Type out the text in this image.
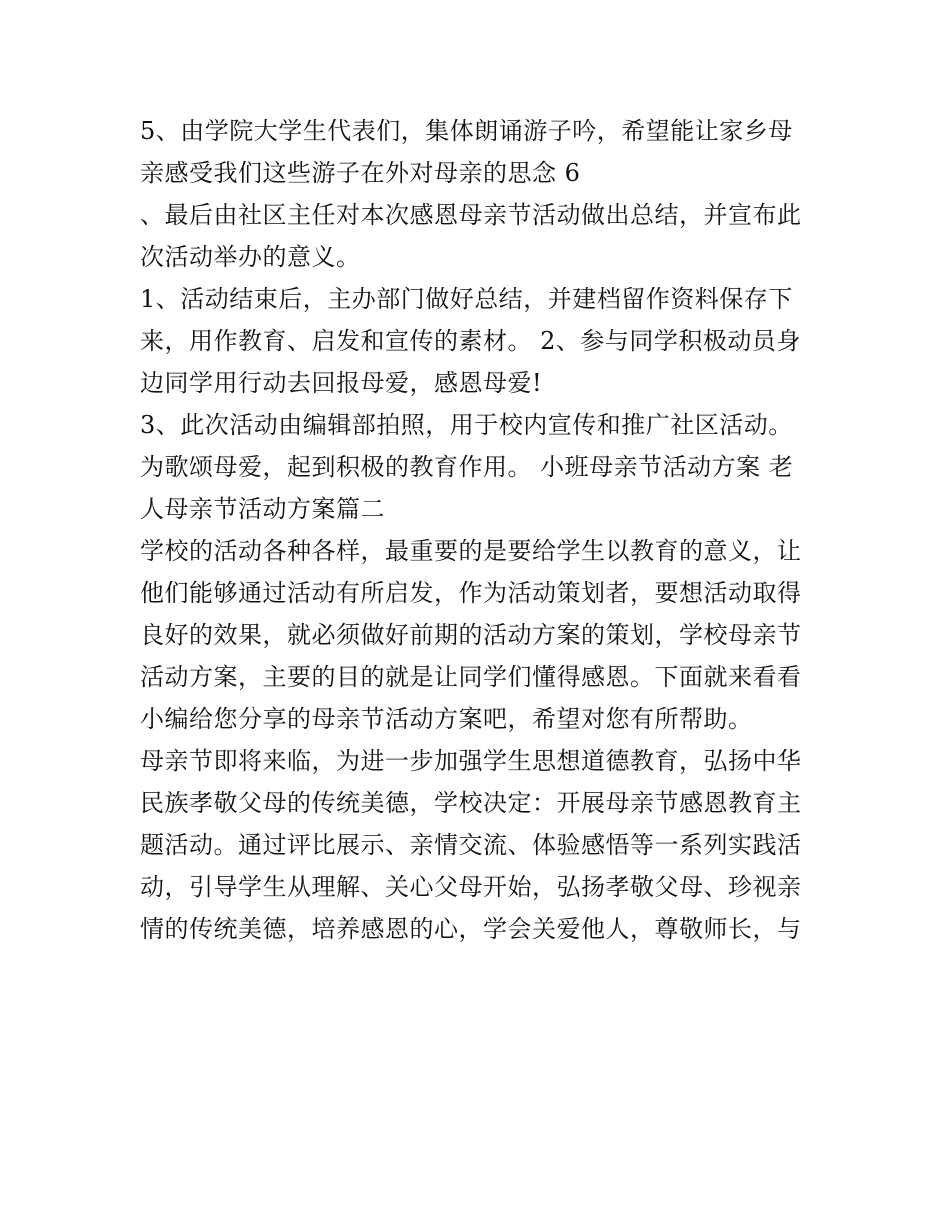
5、由学院大学生代表们，集体朗诵游子吟，希望能让家乡母
亲感受我们这些游子在外对母亲的思念 6
、最后由社区主任对本次感恩母亲节活动做出总结，并宣布此
次活动举办的意义。
1、活动结束后，主办部门做好总结，并建档留作资料保存下
来，用作教育、启发和宣传的素材。 2、参与同学积极动员身
边同学用行动去回报母爱，感恩母爱!
3、此次活动由编辑部拍照，用于校内宣传和推广社区活动。
为歌颂母爱，起到积极的教育作用。 小班母亲节活动方案 老
人母亲节活动方案篇二
学校的活动各种各样，最重要的是要给学生以教育的意义，让
他们能够通过活动有所启发，作为活动策划者，要想活动取得
良好的效果，就必须做好前期的活动方案的策划，学校母亲节
活动方案，主要的目的就是让同学们懂得感恩。下面就来看看
小编给您分享的母亲节活动方案吧，希望对您有所帮助。
母亲节即将来临，为进一步加强学生思想道德教育，弘扬中华
民族孝敬父母的传统美德，学校决定：开展母亲节感恩教育主
题活动。通过评比展示、亲情交流、体验感悟等一系列实践活
动，引导学生从理解、关心父母开始，弘扬孝敬父母、珍视亲
情的传统美德，培养感恩的心，学会关爱他人，尊敬师长，与
